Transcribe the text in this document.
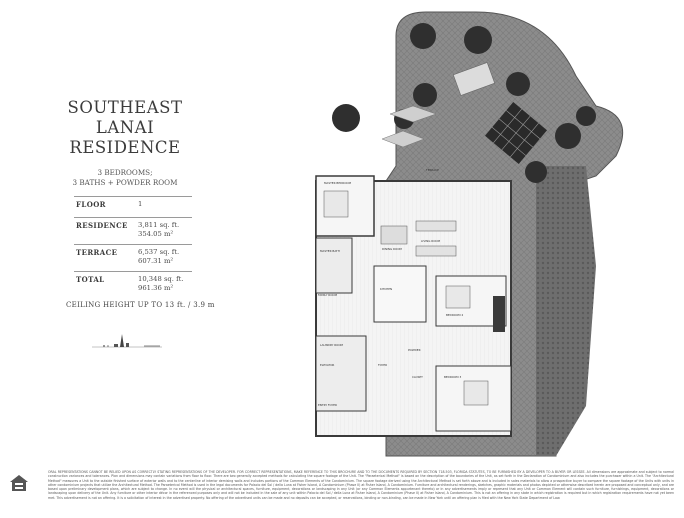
SOUTHEAST
LANAI
RESIDENCE
3 BEDROOMS;
3 BATHS + POWDER ROOM
FLOOR	1
RESIDENCE 3,811 sq. ft.
354.05 m²
TERRACE	6,537 sq. ft.
607.31 m²
TOTAL	10,348 sq. ft.
961.36 m²
CEILING HEIGHT UP TO 13 ft. / 3.9 m
TERRACE
MASTER BEDROOM
MASTER BATH	DINING ROOM
LIVING ROOM
KITCHEN
FAMILY ROOM
BEDROOM 2
BEDROOM 3
LAUNDRY ROOM
ELEVATOR	FOYER
POWDER
CLOSET
ENTRY FOYER
ORAL REPRESENTATIONS CANNOT BE RELIED UPON AS CORRECTLY STATING REPRESENTATIONS OF THE DEVELOPER. FOR CORRECT REPRESENTATIONS, MAKE REFERENCE TO THIS BROCHURE AND TO THE DOCUMENTS REQUIRED BY SECTION 718.503, FLORIDA STATUTES, TO BE FURNISHED BY A DEVELOPER TO A BUYER OR LESSEE. All dimensions are approximate and subject to normal construction variances and tolerances. Plan and dimensions may contain variations from floor to floor. There are two generally accepted methods for calculating the square footage of the Unit. The "Paraeterical Method" is based on the description of the boundaries of the Unit, as set forth in the Declaration of Condominium and also includes the purchaser within a Unit. The "Architectural Method" measures a Unit to the outside finished surface of exterior walls and to the centerline of interior demising walls and includes portions of the Common Elements of the Condominium. The square footage derived using the Architectural Method is set forth above and is included in sales materials to allow a prospective buyer to compare the square footage of the Units with units in other condominium projects that utilize the Architectural Method. The Paraeterical Method is used in the legal documents for Palacio del Sol / della Luna at Fisher Island, A Condominium (Phase II) at Fisher Island, A Condominium. Furniture and architectural renderings, sketches, graphic materials and photos depicted or otherwise described herein are proposed and conceptual only, and are based upon preliminary development plans, which are subject to change. In no event will the physical or architectural spaces, furniture, equipment, decorations or landscaping in any Unit (or any Common Elements appurtenant thereto) or in any advertisements imply or represent that any Unit or Common Element will contain such furniture, furnishings, equipment, decorations or landscaping upon delivery of the Unit. Any furniture or other interior décor in the referenced purposes only and will not be included in the sale of any unit within Palacio del Sol / della Luna at Fisher Island, A Condominium (Phase II) at Fisher Island, A Condominium. This is not an offering in any state in which registration is required but in which registration requirements have not yet been met. This advertisement is not an offering. It is a solicitation of interest in the advertised property. No offering of the advertised units can be made and no deposits can be accepted, or reservations, binding or non-binding, can be made in New York until an offering plan is filed with the New York State Department of Law.
